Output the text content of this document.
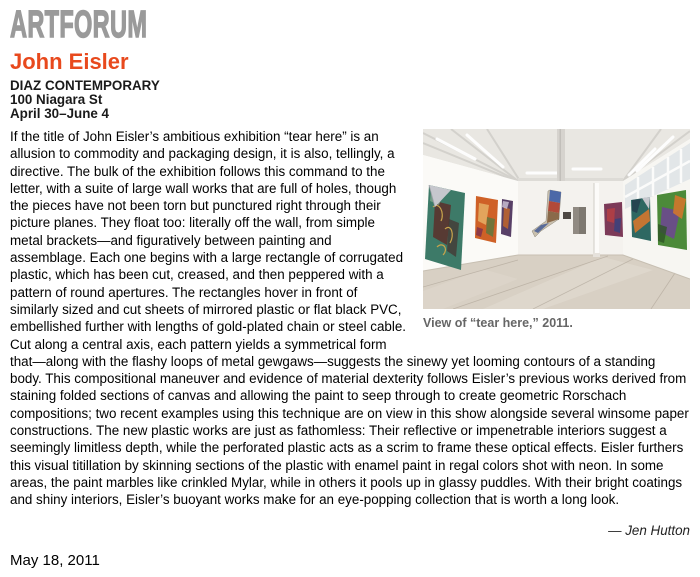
ARTFORUM
John Eisler
DIAZ CONTEMPORARY
100 Niagara St
April 30–June 4
View of “tear here,” 2011.

If the title of John Eisler’s ambitious exhibition “tear here” is an allusion to commodity and packaging design, it is also, tellingly, a directive. The bulk of the exhibition follows this command to the letter, with a suite of large wall works that are full of holes, though the pieces have not been torn but punctured right through their picture planes. They float too: literally off the wall, from simple metal brackets—and figuratively between painting and assemblage. Each one begins with a large rectangle of corrugated plastic, which has been cut, creased, and then peppered with a pattern of round apertures. The rectangles hover in front of similarly sized and cut sheets of mirrored plastic or flat black PVC, embellished further with lengths of gold-plated chain or steel cable. Cut along a central axis, each pattern yields a symmetrical form that—along with the flashy loops of metal gewgaws—suggests the sinewy yet looming contours of a standing body. This compositional maneuver and evidence of material dexterity follows Eisler’s previous works derived from staining folded sections of canvas and allowing the paint to seep through to create geometric Rorschach compositions; two recent examples using this technique are on view in this show alongside several winsome paper constructions. The new plastic works are just as fathomless: Their reflective or impenetrable interiors suggest a seemingly limitless depth, while the perforated plastic acts as a scrim to frame these optical effects. Eisler furthers this visual titillation by skinning sections of the plastic with enamel paint in regal colors shot with neon. In some areas, the paint marbles like crinkled Mylar, while in others it pools up in glassy puddles. With their bright coatings and shiny interiors, Eisler’s buoyant works make for an eye-popping collection that is worth a long look.

— Jen Hutton
May 18, 2011
